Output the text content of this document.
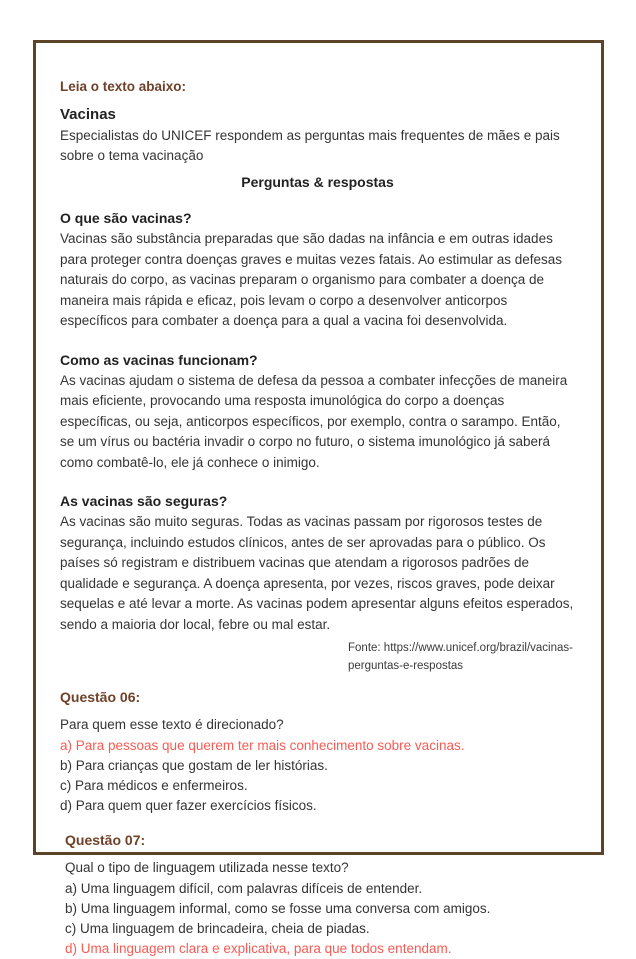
Leia o texto abaixo:
Vacinas
Especialistas do UNICEF respondem as perguntas mais frequentes de mães e pais sobre o tema vacinação
Perguntas & respostas
O que são vacinas?

Vacinas são substância preparadas que são dadas na infância e em outras idades para proteger contra doenças graves e muitas vezes fatais. Ao estimular as defesas naturais do corpo, as vacinas preparam o organismo para combater a doença de maneira mais rápida e eficaz, pois levam o corpo a desenvolver anticorpos específicos para combater a doença para a qual a vacina foi desenvolvida.

Como as vacinas funcionam?

As vacinas ajudam o sistema de defesa da pessoa a combater infecções de maneira mais eficiente, provocando uma resposta imunológica do corpo a doenças específicas, ou seja, anticorpos específicos, por exemplo, contra o sarampo. Então, se um vírus ou bactéria invadir o corpo no futuro, o sistema imunológico já saberá como combatê-lo, ele já conhece o inimigo.

As vacinas são seguras?

As vacinas são muito seguras. Todas as vacinas passam por rigorosos testes de segurança, incluindo estudos clínicos, antes de ser aprovadas para o público. Os países só registram e distribuem vacinas que atendam a rigorosos padrões de qualidade e segurança. A doença apresenta, por vezes, riscos graves, pode deixar sequelas e até levar a morte. As vacinas podem apresentar alguns efeitos esperados, sendo a maioria dor local, febre ou mal estar.

Fonte: https://www.unicef.org/brazil/vacinas-
perguntas-e-respostas
Questão 06:
Para quem esse texto é direcionado?
a) Para pessoas que querem ter mais conhecimento sobre vacinas.
b) Para crianças que gostam de ler histórias.
c) Para médicos e enfermeiros.
d) Para quem quer fazer exercícios físicos.
Questão 07:
Qual o tipo de linguagem utilizada nesse texto?
a) Uma linguagem difícil, com palavras difíceis de entender.
b) Uma linguagem informal, como se fosse uma conversa com amigos.
c) Uma linguagem de brincadeira, cheia de piadas.
d) Uma linguagem clara e explicativa, para que todos entendam.
